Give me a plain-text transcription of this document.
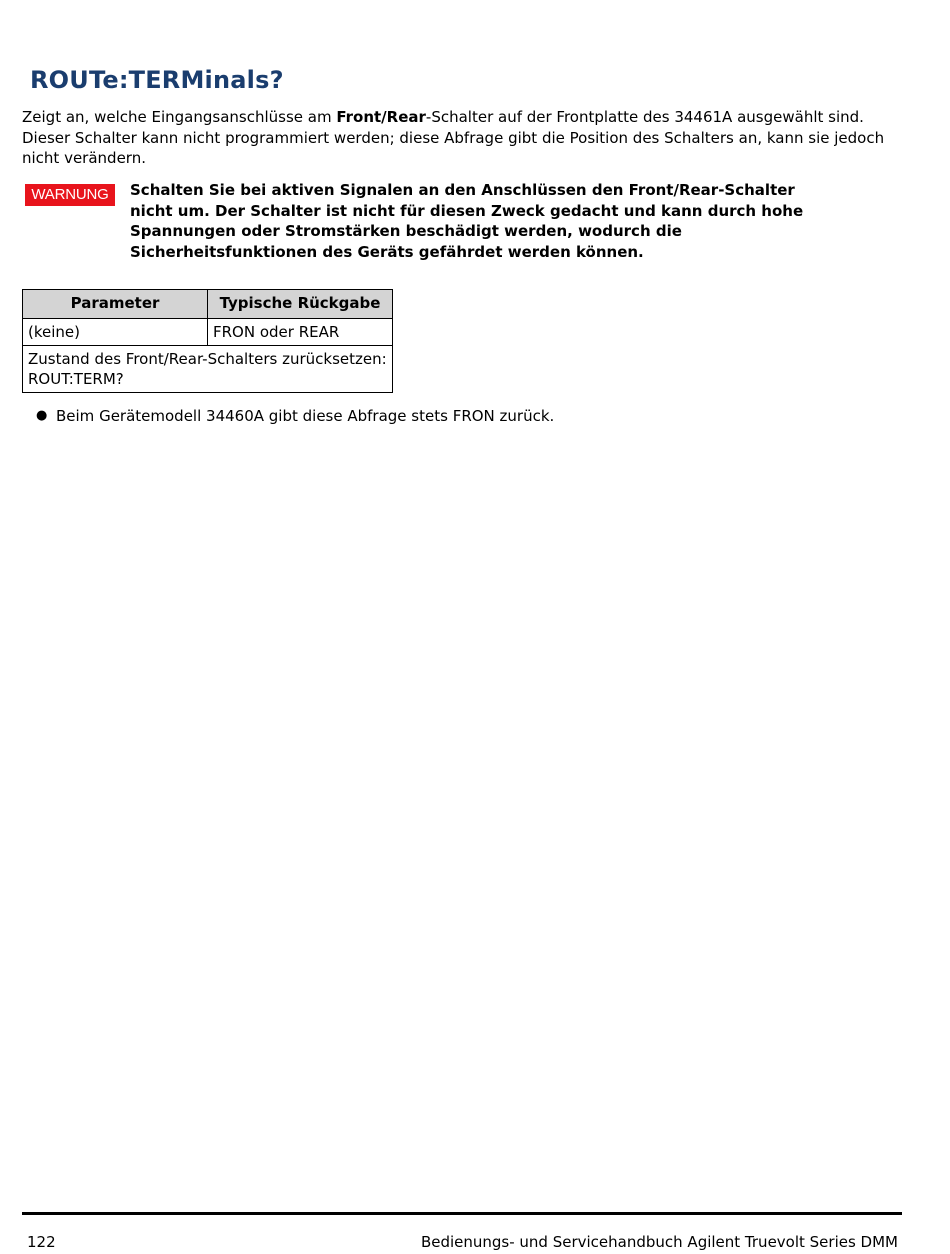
ROUTe:TERMinals?

Zeigt an, welche Eingangsanschlüsse am Front/Rear-Schalter auf der Frontplatte des 34461A ausgewählt sind. Dieser Schalter kann nicht programmiert werden; diese Abfrage gibt die Position des Schalters an, kann sie jedoch nicht verändern.

WARNUNG	Schalten Sie bei aktiven Signalen an den Anschlüssen den Front/Rear-Schalter nicht um. Der Schalter ist nicht für diesen Zweck gedacht und kann durch hohe Spannungen oder Stromstärken beschädigt werden, wodurch die Sicherheitsfunktionen des Geräts gefährdet werden können.

Parameter	Typische Rückgabe
(keine)	FRON oder REAR
Zustand des Front/Rear-Schalters zurücksetzen:
ROUT:TERM?	
● Beim Gerätemodell 34460A gibt diese Abfrage stets FRON zurück.
122	Bedienungs- und Servicehandbuch Agilent Truevolt Series DMM
